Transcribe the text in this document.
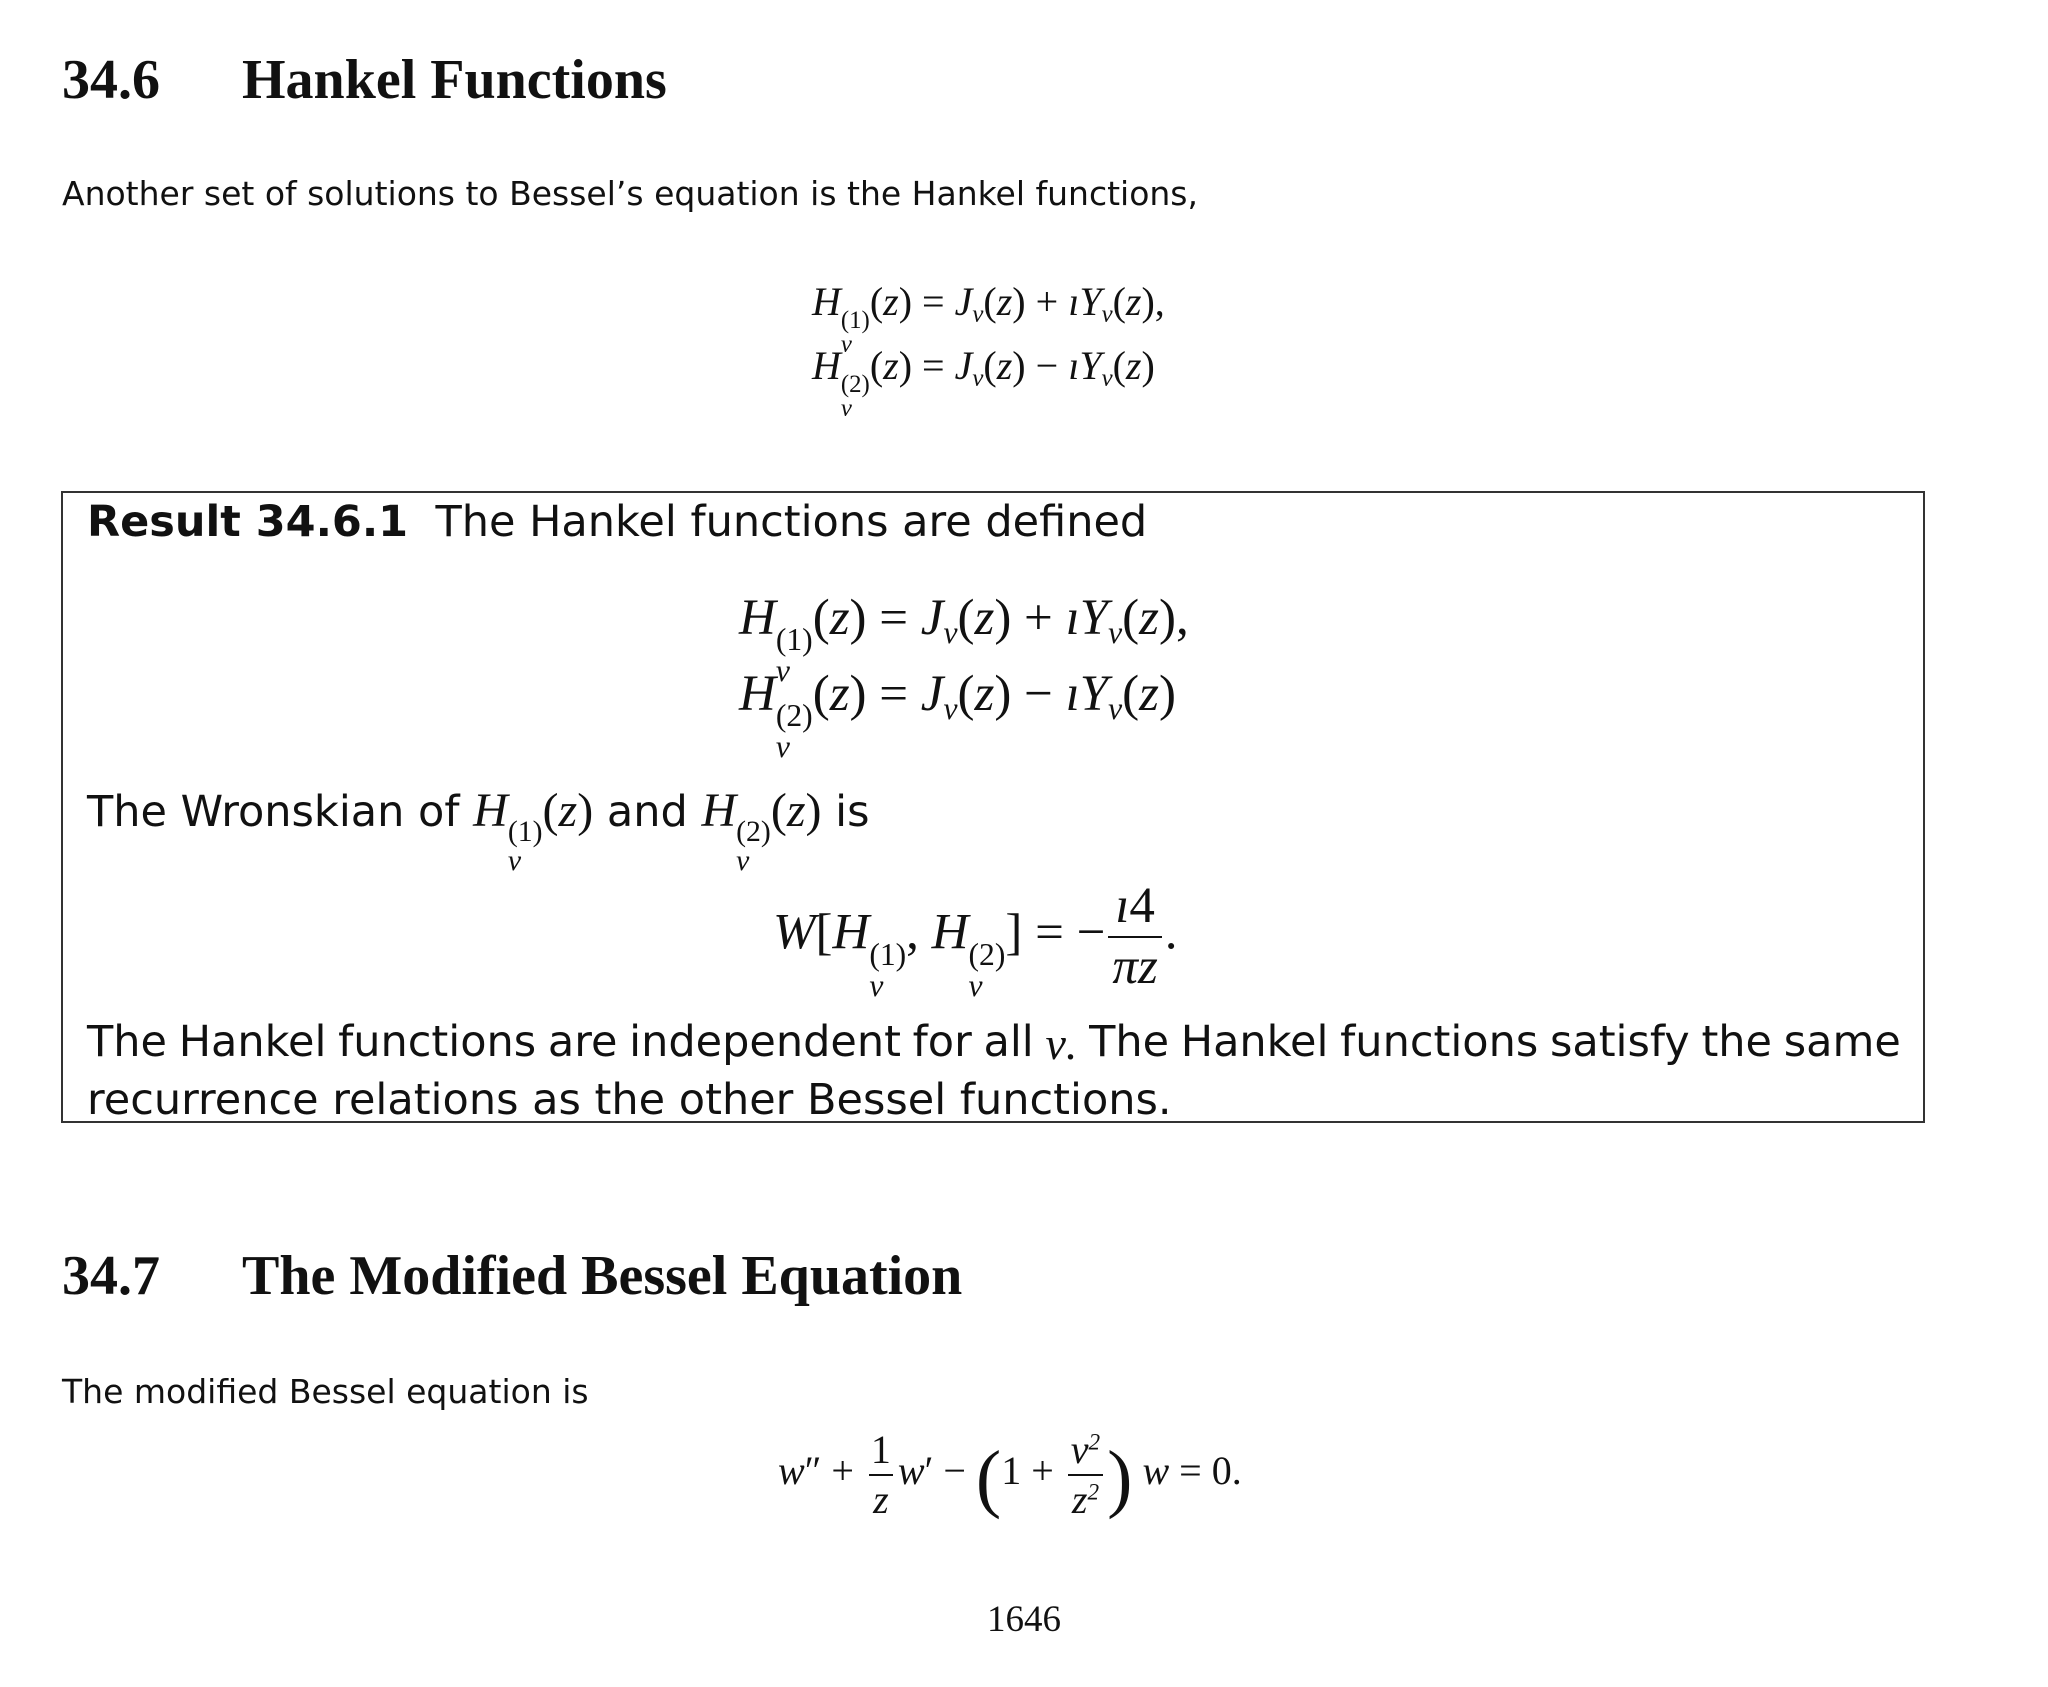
34.6 Hankel Functions

Another set of solutions to Bessel’s equation is the Hankel functions,

H (1)
ν
$(z) = J_\nu(z)$ + $ıY_\nu(z)$,
H (2)
ν
$(z) = J_\nu(z)$ − $ıY_\nu(z)$

Result 34.6.1 The Hankel functions are defined

H (1)
ν
$(z) = J_\nu(z)$ + $ıY_\nu(z)$,
H (2)
ν
$(z) = J_\nu(z)$ − $ıY_\nu(z)$

The Wronskian of H (1)
ν
(z) and H (2)
ν
(z) is

W[H (1)
ν
, H (2)
ν
] = − $\frac{ı4}{\pi z}$ .
The Hankel functions are independent for all ν. The Hankel functions satisfy the same

recurrence relations as the other Bessel functions.

34.7 The Modified Bessel Equation

The modified Bessel equation is

$w'' + \frac{1}{z} w' - (1 + \frac{\nu^2}{z^2}$ ) w = 0.

1646
